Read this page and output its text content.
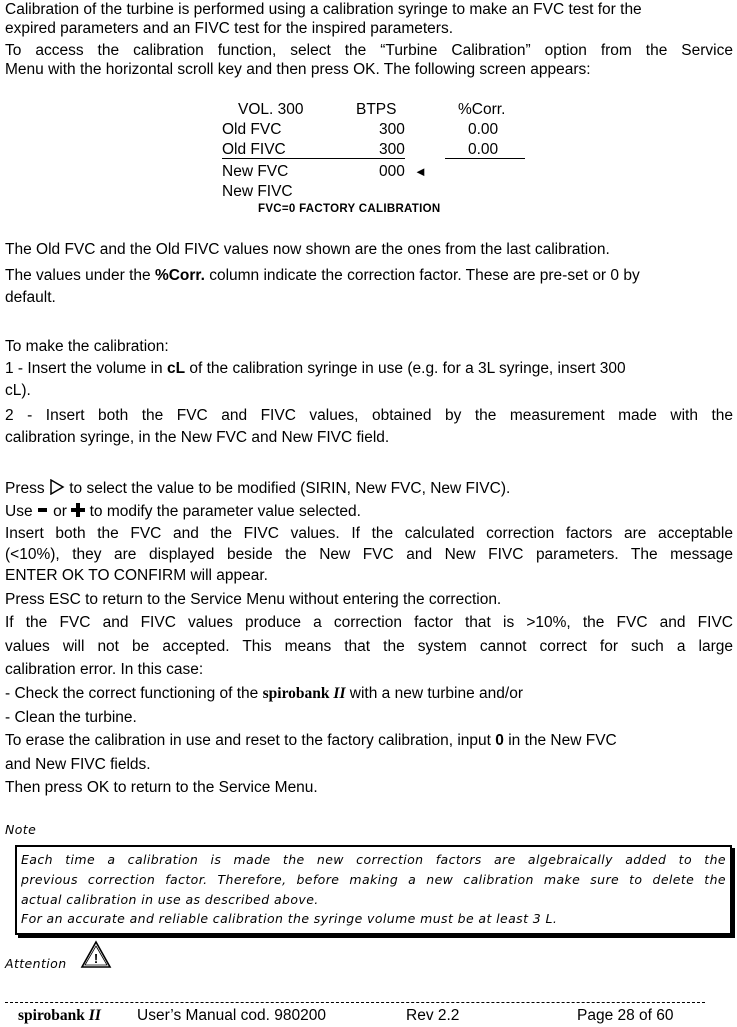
Calibration of the turbine is performed using a calibration syringe to make an FVC test for the
expired parameters and an FIVC test for the inspired parameters.
To access the calibration function, select the “Turbine Calibration” option from the Service
Menu with the horizontal scroll key and then press OK. The following screen appears:
VOL. 300	BTPS	%Corr.
Old FVC	300	0.00
Old FIVC	300	0.00
New FVC	000 ◄
New FIVC
FVC=0 FACTORY CALIBRATION
The Old FVC and the Old FIVC values now shown are the ones from the last calibration.
The values under the %Corr. column indicate the correction factor. These are pre-set or 0 by
default.
To make the calibration:
1 - Insert the volume in cL of the calibration syringe in use (e.g. for a 3L syringe, insert 300
cL).
2 - Insert both the FVC and FIVC values, obtained by the measurement made with the
calibration syringe, in the New FVC and New FIVC field.
Press  to select the value to be modified (SIRIN, New FVC, New FIVC).
Use  or  to modify the parameter value selected.
Insert both the FVC and the FIVC values. If the calculated correction factors are acceptable
(<10%), they are displayed beside the New FVC and New FIVC parameters. The message
ENTER OK TO CONFIRM will appear.
Press ESC to return to the Service Menu without entering the correction.
If the FVC and FIVC values produce a correction factor that is >10%, the FVC and FIVC
values will not be accepted. This means that the system cannot correct for such a large
calibration error. In this case:
- Check the correct functioning of the spirobank II with a new turbine and/or
- Clean the turbine.
To erase the calibration in use and reset to the factory calibration, input 0 in the New FVC
and New FIVC fields.
Then press OK to return to the Service Menu.
Note
Each time a calibration is made the new correction factors are algebraically added to the
previous correction factor. Therefore, before making a new calibration make sure to delete the
actual calibration in use as described above.
For an accurate and reliable calibration the syringe volume must be at least 3 L.
Attention !
spirobank II User’s Manual cod. 980200	Rev 2.2	Page 28 of 60
